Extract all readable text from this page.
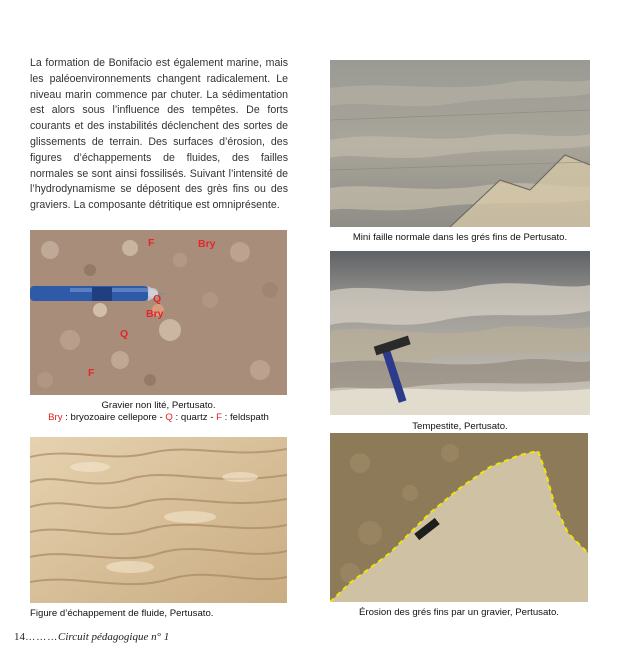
La formation de Bonifacio est également marine, mais les paléoenvironnements changent radicalement. Le niveau marin commence par chuter. La sédimentation est alors sous l’influence des tempêtes. De forts courants et des instabilités déclenchent des sortes de glissements de terrain. Des surfaces d’érosion, des figures d’échappements de fluides, des failles normales se sont ainsi fossilisés. Suivant l’intensité de l’hydrodynamisme se déposent des grès fins ou des graviers. La composante détritique est omniprésente.

Mini faille normale dans les grés fins de Pertusato.
Bry
F
Q
Bry
Q
F
Gravier non lité, Pertusato.
Bry : bryozoaire cellepore - Q : quartz - F : feldspath
Tempestite, Pertusato.
Figure d’échappement de fluide, Pertusato.	Érosion des grés fins par un gravier, Pertusato.
14………Circuit pédagogique n° 1
